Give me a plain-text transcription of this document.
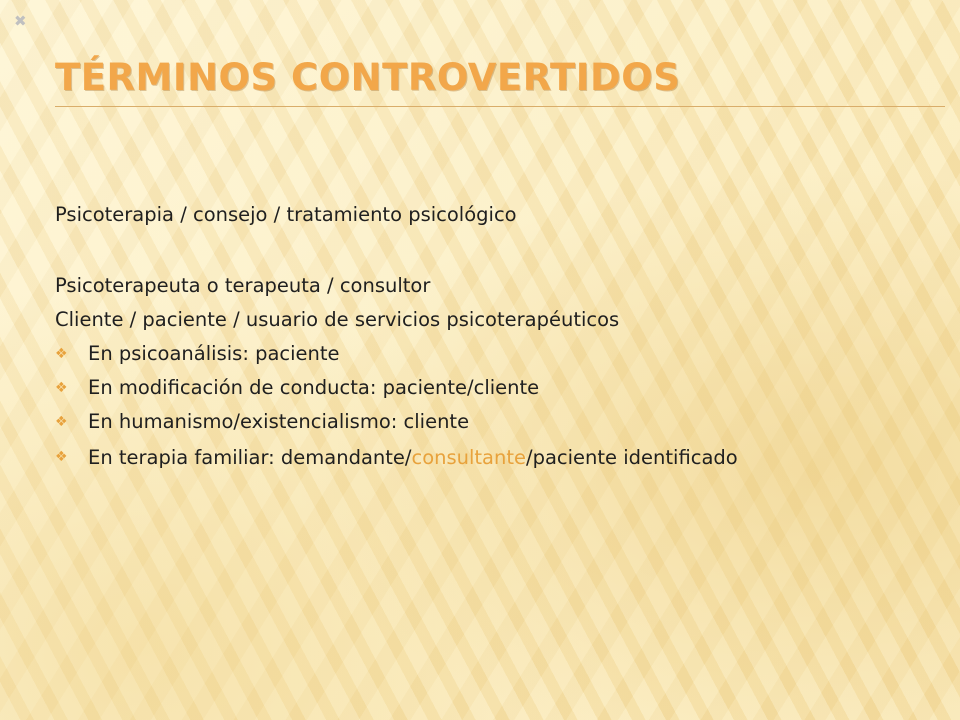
✖
TÉRMINOS CONTROVERTIDOS

Psicoterapia / consejo / tratamiento psicológico

Psicoterapeuta o terapeuta / consultor

Cliente / paciente / usuario de servicios psicoterapéuticos

❖ En psicoanálisis: paciente
❖ En modificación de conducta: paciente/cliente
❖ En humanismo/existencialismo: cliente
❖ En terapia familiar: demandante/consultante/paciente identificado
